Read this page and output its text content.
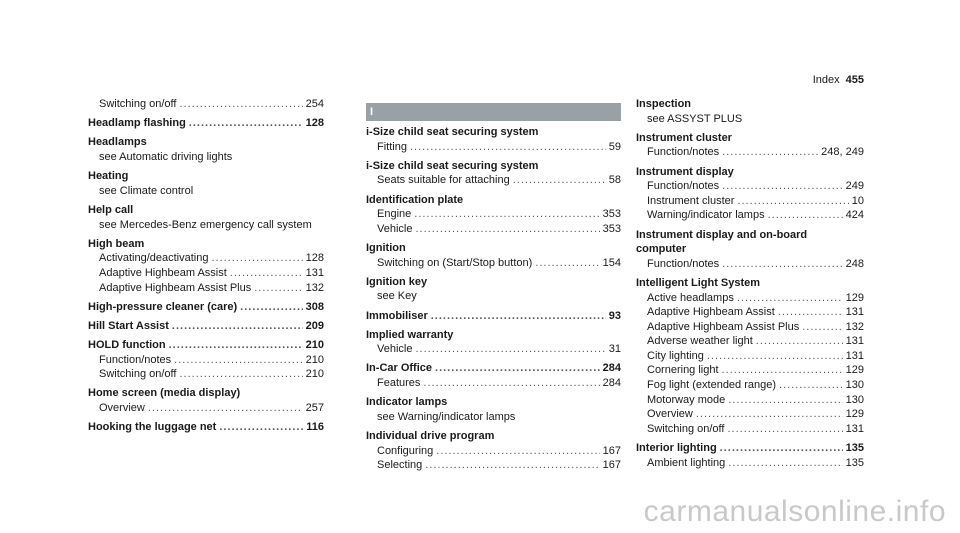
Index 455
Switching on/off .....	254
Headlamp flashing .....	128
Headlamps
see Automatic driving lights
Heating
see Climate control
Help call
see Mercedes-Benz emergency call system
High beam
Activating/deactivating .....	128
Adaptive Highbeam Assist .....	131
Adaptive Highbeam Assist Plus .....	132
High-pressure cleaner (care) .....	308
Hill Start Assist .....	209
HOLD function .....	210
Function/notes .....	210
Switching on/off .....	210
Home screen (media display)
Overview .....	257
Hooking the luggage net .....	116
I
i-Size child seat securing system
Fitting .....	59
i-Size child seat securing system
Seats suitable for attaching .....	58
Identification plate
Engine .....	353
Vehicle .....	353
Ignition
Switching on (Start/Stop button) .....	154
Ignition key
see Key
Immobiliser .....	93
Implied warranty
Vehicle .....	31
In-Car Office .....	284
Features .....	284
Indicator lamps
see Warning/indicator lamps
Individual drive program
Configuring .....	167
Selecting .....	167
Inspection
see ASSYST PLUS
Instrument cluster
Function/notes .....	248, 249
Instrument display
Function/notes .....	249
Instrument cluster .....	10
Warning/indicator lamps .....	424
Instrument display and on-board
computer
Function/notes .....	248
Intelligent Light System
Active headlamps .....	129
Adaptive Highbeam Assist .....	131
Adaptive Highbeam Assist Plus .....	132
Adverse weather light .....	131
City lighting .....	131
Cornering light .....	129
Fog light (extended range) .....	130
Motorway mode .....	130
Overview .....	129
Switching on/off .....	131
Interior lighting .....	135
Ambient lighting .....	135
carmanualsonline.info
